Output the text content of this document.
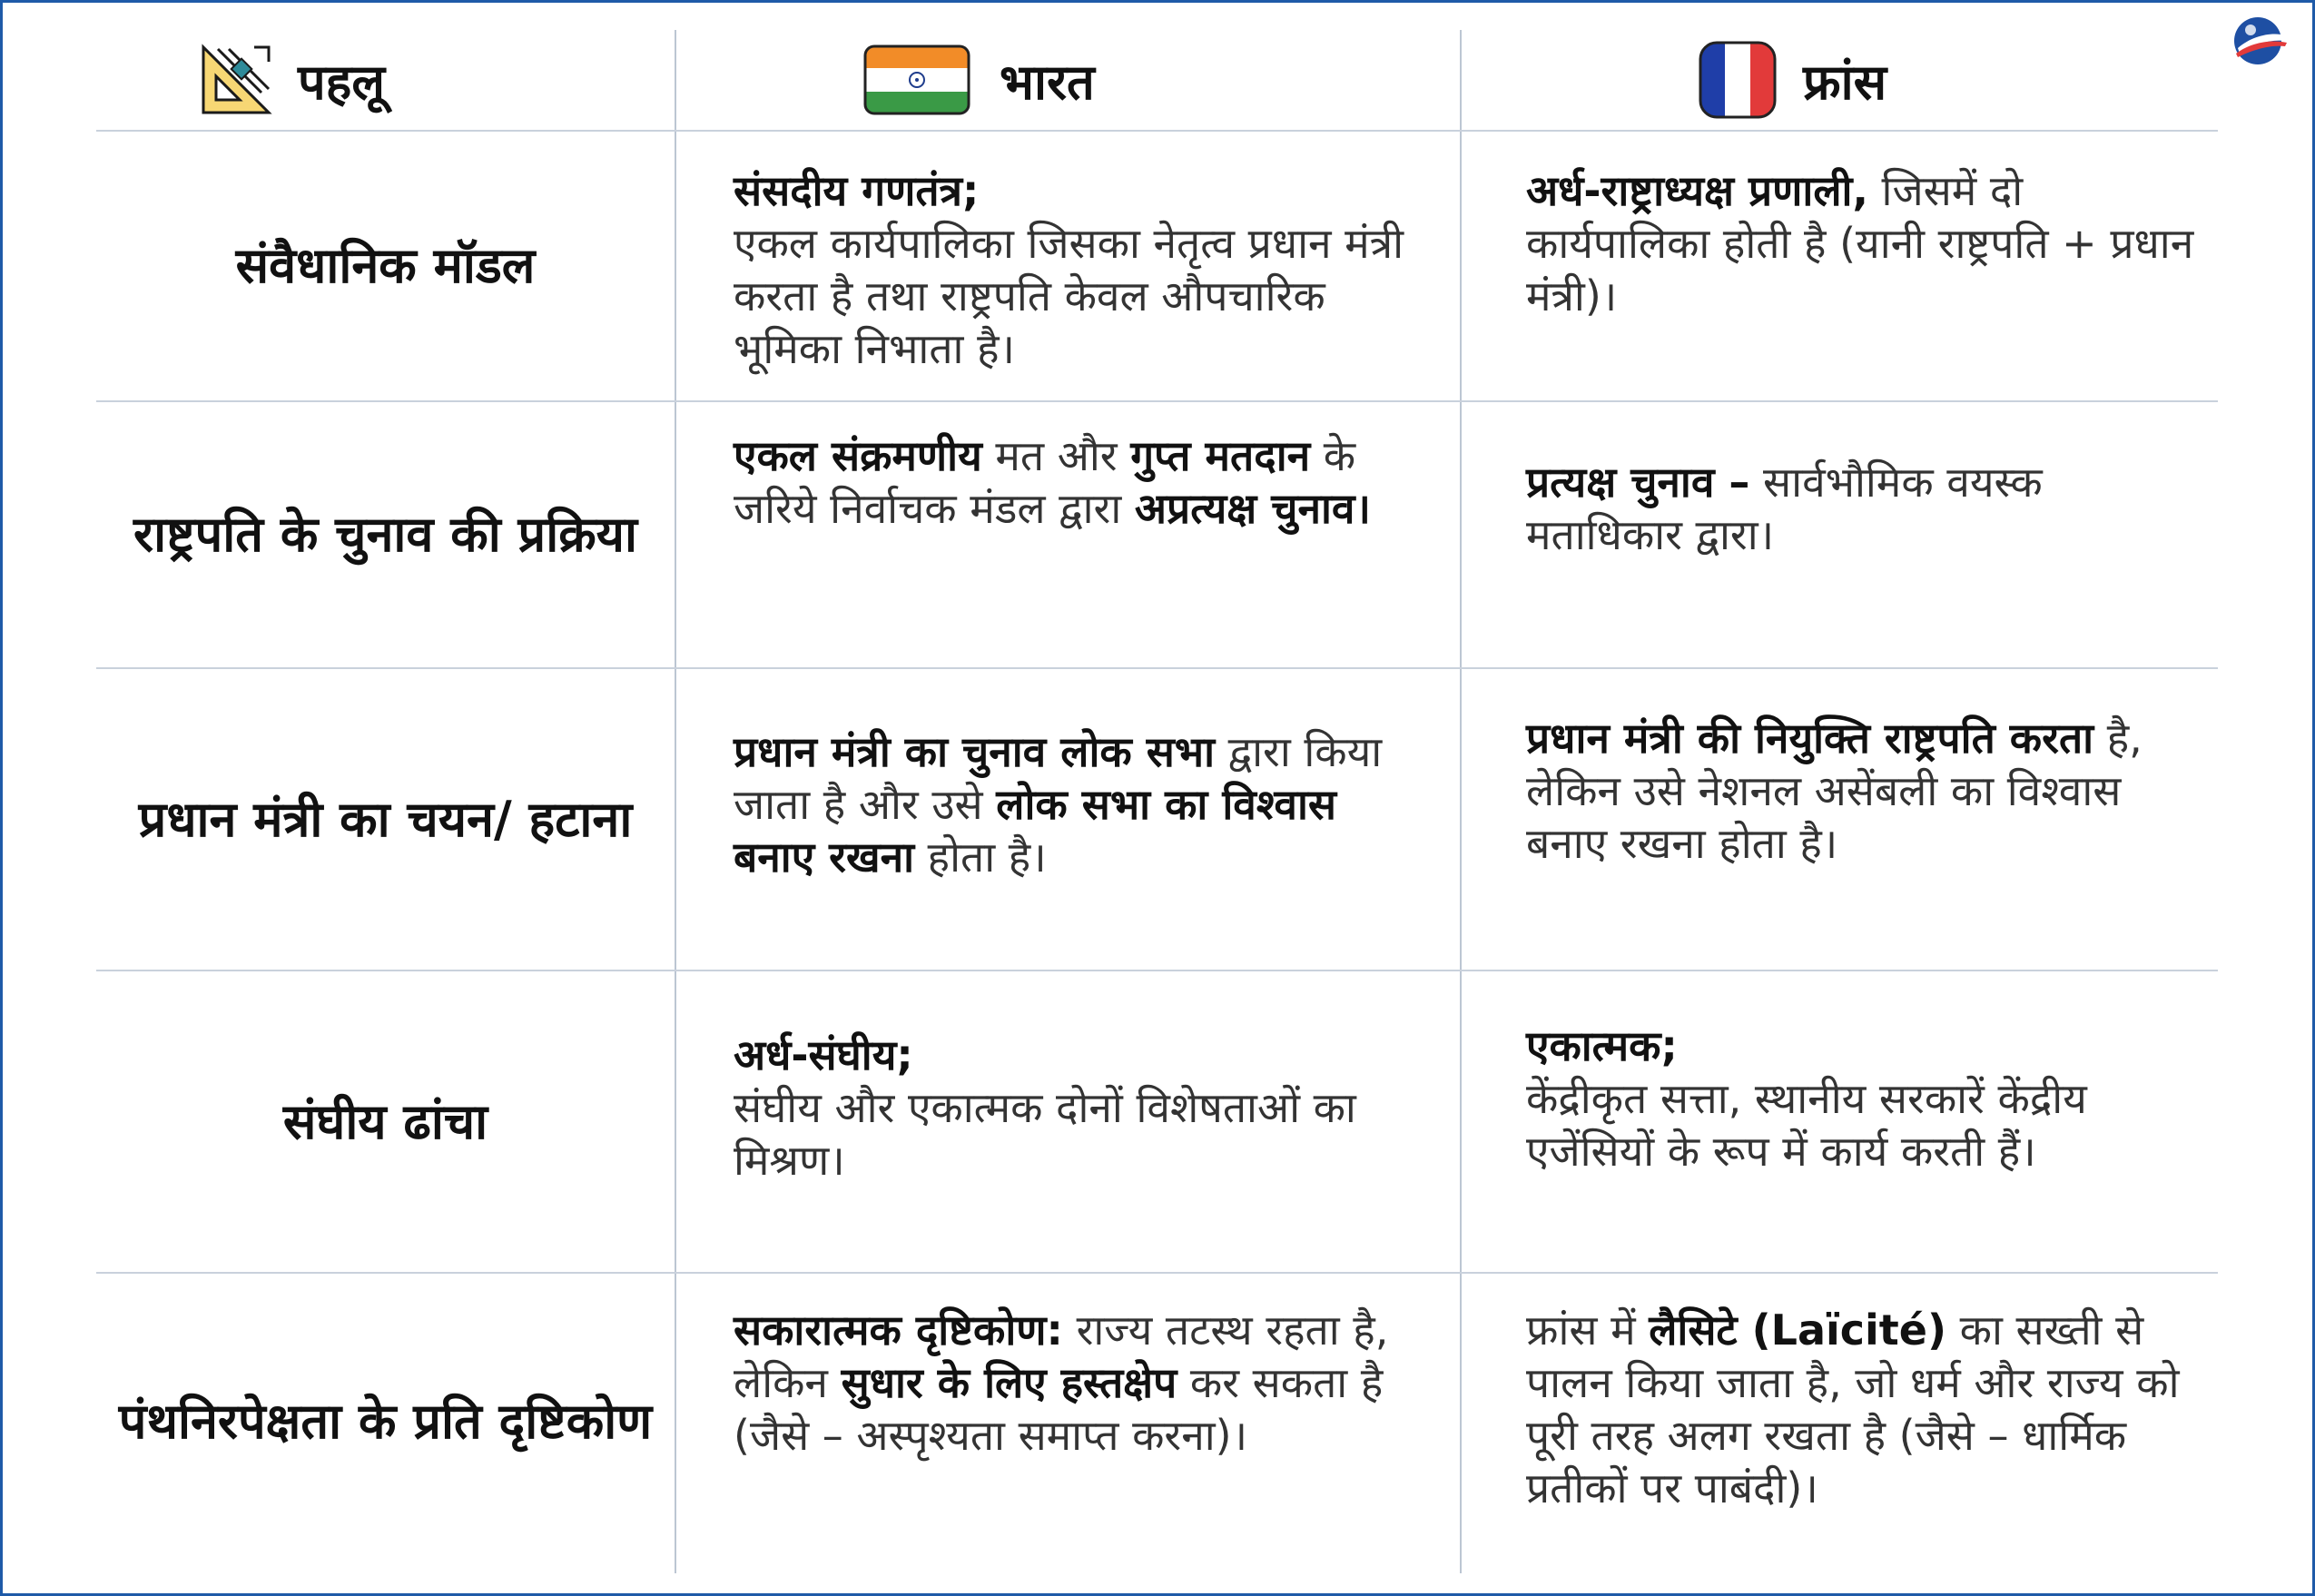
पहलू	भारत	फ्रांस
संवैधानिक मॉडल
राष्ट्रपति के चुनाव की प्रक्रिया
प्रधान मंत्री का चयन/ हटाना
संघीय ढांचा
पंथनिरपेक्षता के प्रति दृष्टिकोण
संसदीय गणतंत्र;
एकल कार्यपालिका जिसका नेतृत्व प्रधान मंत्री करता है तथा राष्ट्रपति केवल औपचारिक भूमिका निभाता है।
एकल संक्रमणीय मत और गुप्त मतदान के जरिये निर्वाचक मंडल द्वारा अप्रत्यक्ष चुनाव।
प्रधान मंत्री का चुनाव लोक सभा द्वारा किया जाता है और उसे लोक सभा का विश्वास बनाए रखना होता है।
अर्ध-संघीय;
संघीय और एकात्मक दोनों विशेषताओं का मिश्रण।
सकारात्मक दृष्टिकोण: राज्य तटस्थ रहता है, लेकिन सुधार के लिए हस्तक्षेप कर सकता है (जैसे – अस्पृश्यता समाप्त करना)।
अर्ध-राष्ट्राध्यक्ष प्रणाली, जिसमें दो कार्यपालिका होती है (यानी राष्ट्रपति + प्रधान मंत्री)।
प्रत्यक्ष चुनाव – सार्वभौमिक वयस्क मताधिकार द्वारा।
प्रधान मंत्री की नियुक्ति राष्ट्रपति करता है, लेकिन उसे नेशनल असेंबली का विश्वास बनाए रखना होता है।
एकात्मक;
केंद्रीकृत सत्ता, स्थानीय सरकारें केंद्रीय एजेंसियों के रूप में कार्य करती हैं।
फ्रांस में लैसिटे (Laïcité) का सख्ती से पालन किया जाता है, जो धर्म और राज्य को पूरी तरह अलग रखता है (जैसे – धार्मिक प्रतीकों पर पाबंदी)।
